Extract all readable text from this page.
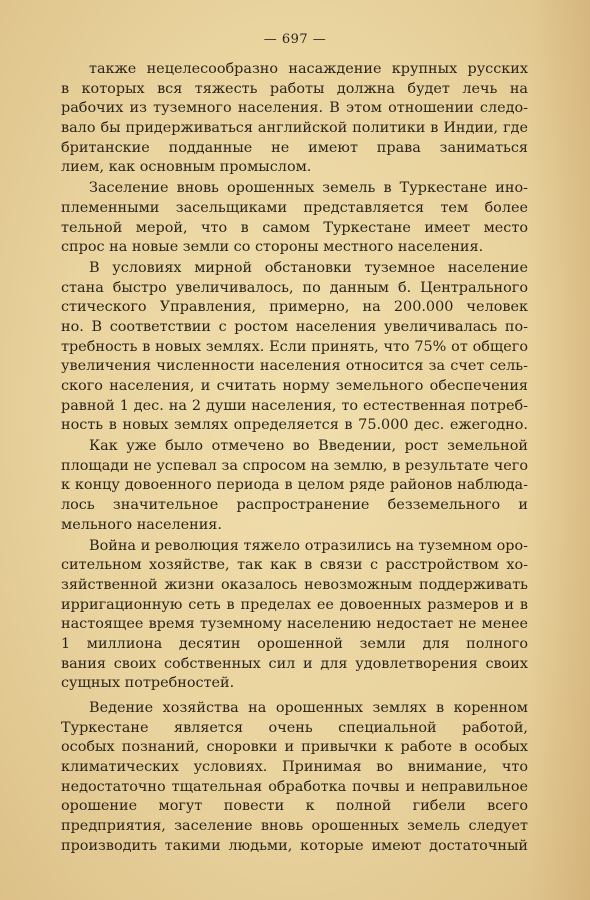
— 697 —
также нецелесообразно насаждение крупных русских
в которых вся тяжесть работы должна будет лечь на
рабочих из туземного населения. В этом отношении следо-
вало бы придерживаться английской политики в Индии, где
британские подданные не имеют права заниматься
лием, как основным промыслом.
Заселение вновь орошенных земель в Туркестане ино-
племенными засельщиками представляется тем более
тельной мерой, что в самом Туркестане имеет место
спрос на новые земли со стороны местного населения.
В условиях мирной обстановки туземное население
стана быстро увеличивалось, по данным б. Центрального
стического Управления, примерно, на 200.000 человек
но. В соответствии с ростом населения увеличивалась по-
требность в новых землях. Если принять, что 75% от общего
увеличения численности населения относится за счет сель-
ского населения, и считать норму земельного обеспечения
равной 1 дес. на 2 души населения, то естественная потреб-
ность в новых землях определяется в 75.000 дес. ежегодно.
Как уже было отмечено во Введении, рост земельной
площади не успевал за спросом на землю, в результате чего
к концу довоенного периода в целом ряде районов наблюда-
лось значительное распространение безземельного и
мельного населения.
Война и революция тяжело отразились на туземном оро-
сительном хозяйстве, так как в связи с расстройством хо-
зяйственной жизни оказалось невозможным поддерживать
ирригационную сеть в пределах ее довоенных размеров и в
настоящее время туземному населению недостает не менее
1 миллиона десятин орошенной земли для полного
вания своих собственных сил и для удовлетворения своих
сущных потребностей.
Ведение хозяйства на орошенных землях в коренном
Туркестане является очень специальной работой,
особых познаний, сноровки и привычки к работе в особых
климатических условиях. Принимая во внимание, что
недостаточно тщательная обработка почвы и неправильное
орошение могут повести к полной гибели всего
предприятия, заселение вновь орошенных земель следует
производить такими людьми, которые имеют достаточный
